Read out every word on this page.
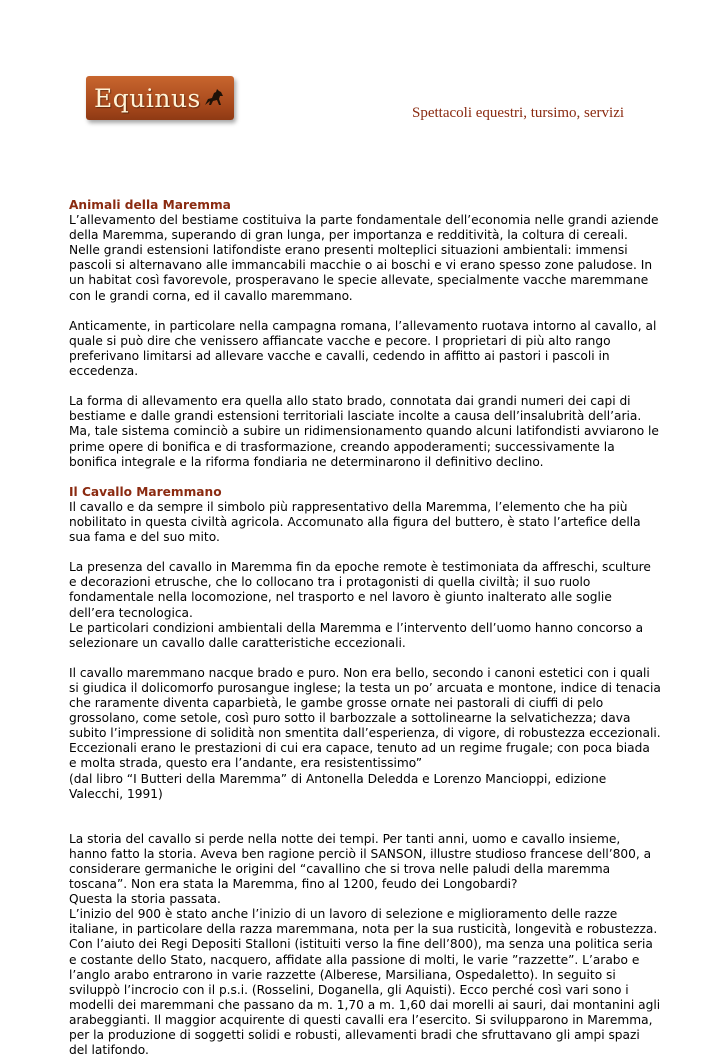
Equinus
Spettacoli equestri, tursimo, servizi

Animali della Maremma

L’allevamento del bestiame costituiva la parte fondamentale dell’economia nelle grandi aziende della Maremma, superando di gran lunga, per importanza e redditività, la coltura di cereali.

Nelle grandi estensioni latifondiste erano presenti molteplici situazioni ambientali: immensi pascoli si alternavano alle immancabili macchie o ai boschi e vi erano spesso zone paludose. In un habitat così favorevole, prosperavano le specie allevate, specialmente vacche maremmane con le grandi corna, ed il cavallo maremmano.

Anticamente, in particolare nella campagna romana, l’allevamento ruotava intorno al cavallo, al quale si può dire che venissero affiancate vacche e pecore. I proprietari di più alto rango preferivano limitarsi ad allevare vacche e cavalli, cedendo in affitto ai pastori i pascoli in eccedenza.

La forma di allevamento era quella allo stato brado, connotata dai grandi numeri dei capi di bestiame e dalle grandi estensioni territoriali lasciate incolte a causa dell’insalubrità dell’aria. Ma, tale sistema cominciò a subire un ridimensionamento quando alcuni latifondisti avviarono le prime opere di bonifica e di trasformazione, creando appoderamenti; successivamente la bonifica integrale e la riforma fondiaria ne determinarono il definitivo declino.

Il Cavallo Maremmano

Il cavallo e da sempre il simbolo più rappresentativo della Maremma, l’elemento che ha più nobilitato in questa civiltà agricola. Accomunato alla figura del buttero, è stato l’artefice della sua fama e del suo mito.

La presenza del cavallo in Maremma fin da epoche remote è testimoniata da affreschi, sculture e decorazioni etrusche, che lo collocano tra i protagonisti di quella civiltà; il suo ruolo fondamentale nella locomozione, nel trasporto e nel lavoro è giunto inalterato alle soglie dell’era tecnologica.

Le particolari condizioni ambientali della Maremma e l’intervento dell’uomo hanno concorso a selezionare un cavallo dalle caratteristiche eccezionali.

Il cavallo maremmano nacque brado e puro. Non era bello, secondo i canoni estetici con i quali si giudica il dolicomorfo purosangue inglese; la testa un po’ arcuata e montone, indice di tenacia che raramente diventa caparbietà, le gambe grosse ornate nei pastorali di ciuffi di pelo grossolano, come setole, così puro sotto il barbozzale a sottolinearne la selvatichezza; dava subito l’impressione di solidità non smentita dall’esperienza, di vigore, di robustezza eccezionali. Eccezionali erano le prestazioni di cui era capace, tenuto ad un regime frugale; con poca biada e molta strada, questo era l’andante, era resistentissimo”

(dal libro “I Butteri della Maremma” di Antonella Deledda e Lorenzo Mancioppi, edizione Valecchi, 1991)

La storia del cavallo si perde nella notte dei tempi. Per tanti anni, uomo e cavallo insieme, hanno fatto la storia. Aveva ben ragione perciò il SANSON, illustre studioso francese dell’800, a considerare germaniche le origini del “cavallino che si trova nelle paludi della maremma toscana”. Non era stata la Maremma, fino al 1200, feudo dei Longobardi?

Questa la storia passata.

L’inizio del 900 è stato anche l’inizio di un lavoro di selezione e miglioramento delle razze italiane, in particolare della razza maremmana, nota per la sua rusticità, longevità e robustezza.

Con l’aiuto dei Regi Depositi Stalloni (istituiti verso la fine dell’800), ma senza una politica seria e costante dello Stato, nacquero, affidate alla passione di molti, le varie ”razzette”. L’arabo e l’anglo arabo entrarono in varie razzette (Alberese, Marsiliana, Ospedaletto). In seguito si sviluppò l’incrocio con il p.s.i. (Rosselini, Doganella, gli Aquisti). Ecco perché così vari sono i modelli dei maremmani che passano da m. 1,70 a m. 1,60 dai morelli ai sauri, dai montanini agli arabeggianti. Il maggior acquirente di questi cavalli era l’esercito. Si svilupparono in Maremma, per la produzione di soggetti solidi e robusti, allevamenti bradi che sfruttavano gli ampi spazi del latifondo.
